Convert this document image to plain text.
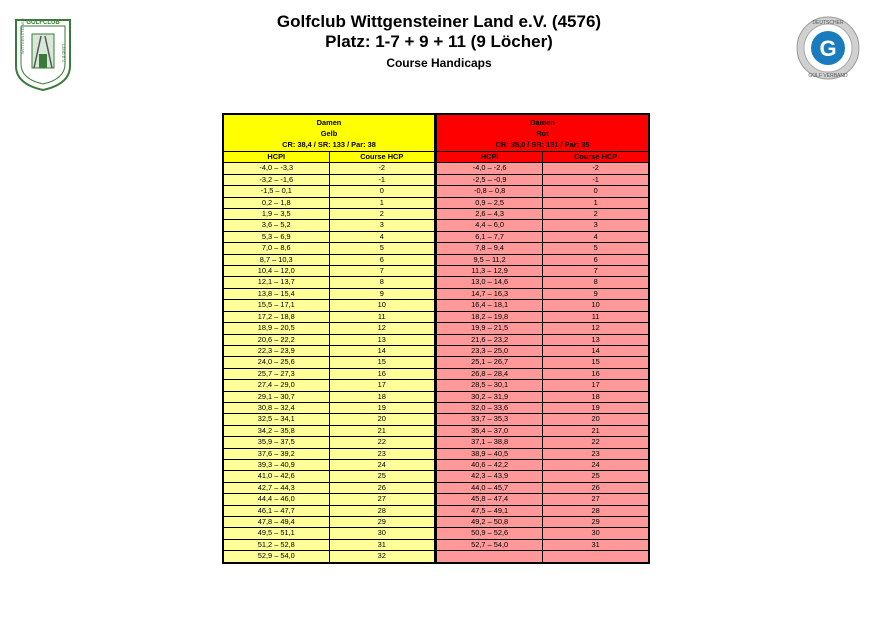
GOLFCLUB
WITTGENSTEINER	LAND E.V.	G
DEUTSCHER
GOLF VERBAND
Golfclub Wittgensteiner Land e.V. (4576)
Platz: 1-7 + 9 + 11 (9 Löcher)
Course Handicaps
Damen
Gelb
CR: 38,4 / SR: 133 / Par: 38	

HCPI	Course HCP
-4,0 – -3,3	-2
-3,2 – -1,6	-1
-1,5 – 0,1	0
0,2 – 1,8	1
1,9 – 3,5	2
3,6 – 5,2	3
5,3 – 6,9	4
7,0 – 8,6	5
8,7 – 10,3	6
10,4 – 12,0	7
12,1 – 13,7	8
13,8 – 15,4	9
15,5 – 17,1	10
17,2 – 18,8	11
18,9 – 20,5	12
20,6 – 22,2	13
22,3 – 23,9	14
24,0 – 25,6	15
25,7 – 27,3	16
27,4 – 29,0	17
29,1 – 30,7	18
30,8 – 32,4	19
32,5 – 34,1	20
34,2 – 35,8	21
35,9 – 37,5	22
37,6 – 39,2	23
39,3 – 40,9	24
41,0 – 42,6	25
42,7 – 44,3	26
44,4 – 46,0	27
46,1 – 47,7	28
47,8 – 49,4	29
49,5 – 51,1	30
51,2 – 52,8	31
52,9 – 54,0	32
Damen
Rot
CR: 35,0 / SR: 131 / Par: 35	

HCPI	Course HCP
-4,0 – -2,6	-2
-2,5 – -0,9	-1
-0,8 – 0,8	0
0,9 – 2,5	1
2,6 – 4,3	2
4,4 – 6,0	3
6,1 – 7,7	4
7,8 – 9,4	5
9,5 – 11,2	6
11,3 – 12,9	7
13,0 – 14,6	8
14,7 – 16,3	9
16,4 – 18,1	10
18,2 – 19,8	11
19,9 – 21,5	12
21,6 – 23,2	13
23,3 – 25,0	14
25,1 – 26,7	15
26,8 – 28,4	16
28,5 – 30,1	17
30,2 – 31,9	18
32,0 – 33,6	19
33,7 – 35,3	20
35,4 – 37,0	21
37,1 – 38,8	22
38,9 – 40,5	23
40,6 – 42,2	24
42,3 – 43,9	25
44,0 – 45,7	26
45,8 – 47,4	27
47,5 – 49,1	28
49,2 – 50,8	29
50,9 – 52,6	30
52,7 – 54,0	31
